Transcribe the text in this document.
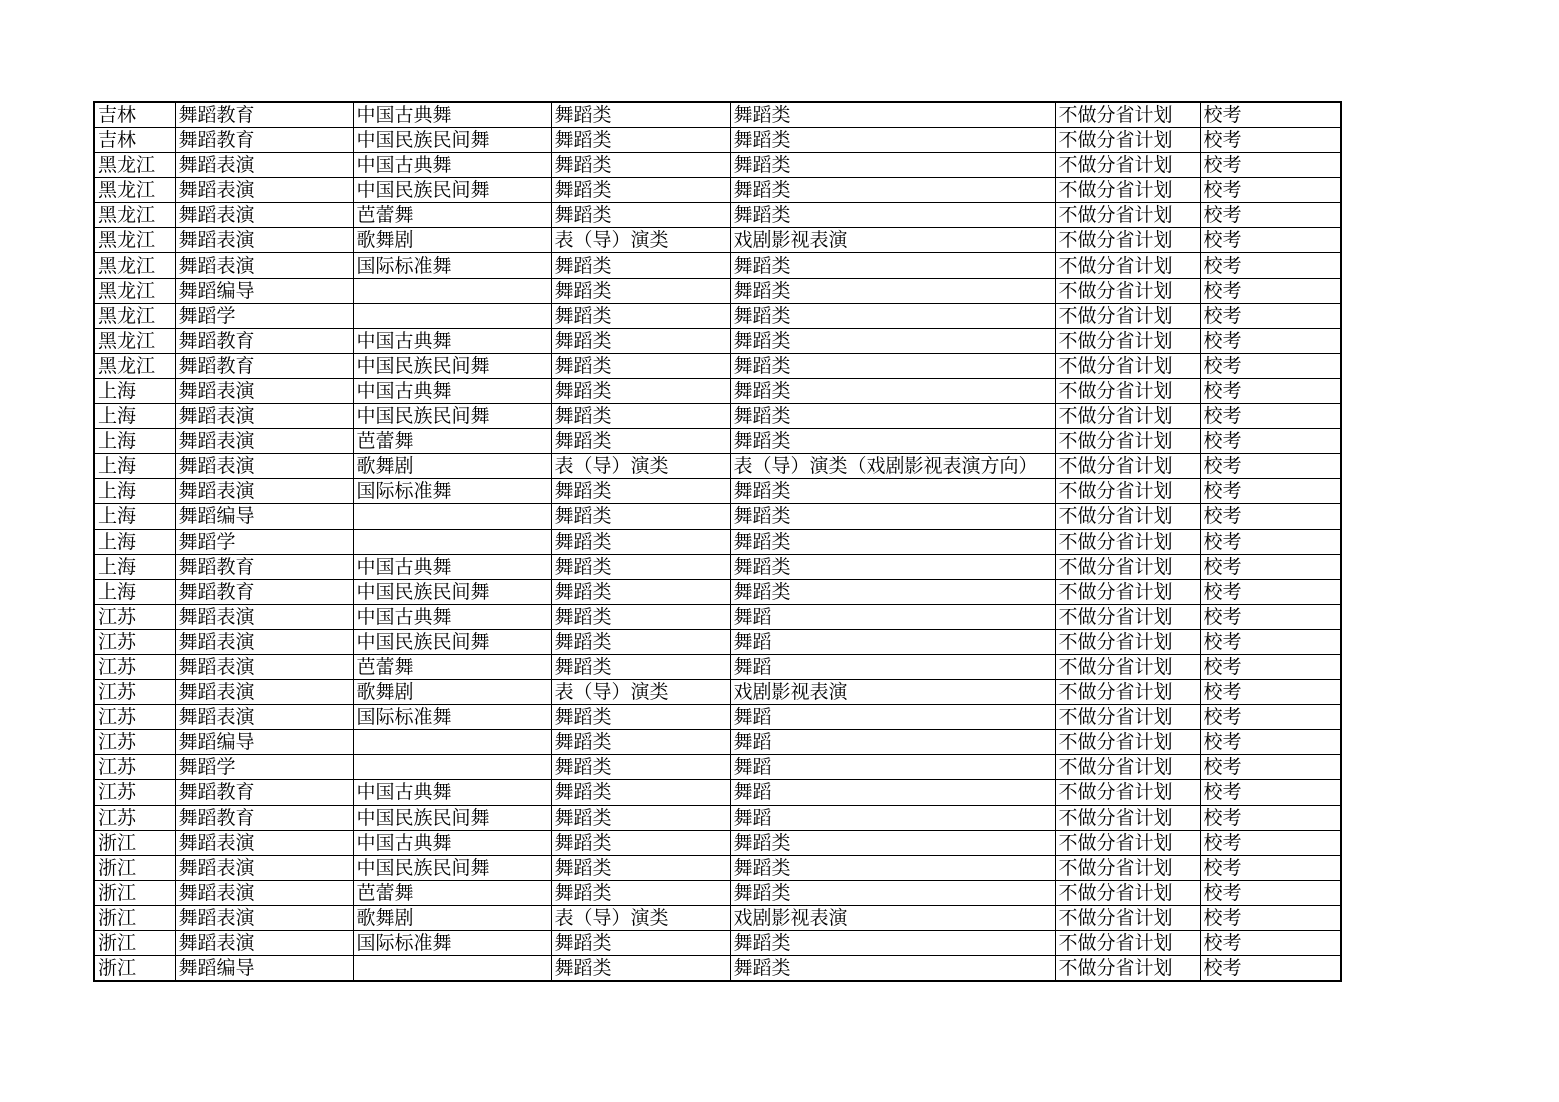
吉林	舞蹈教育	中国古典舞	舞蹈类	舞蹈类	不做分省计划	校考
吉林	舞蹈教育	中国民族民间舞	舞蹈类	舞蹈类	不做分省计划	校考
黑龙江	舞蹈表演	中国古典舞	舞蹈类	舞蹈类	不做分省计划	校考
黑龙江	舞蹈表演	中国民族民间舞	舞蹈类	舞蹈类	不做分省计划	校考
黑龙江	舞蹈表演	芭蕾舞	舞蹈类	舞蹈类	不做分省计划	校考
黑龙江	舞蹈表演	歌舞剧	表（导）演类	戏剧影视表演	不做分省计划	校考
黑龙江	舞蹈表演	国际标准舞	舞蹈类	舞蹈类	不做分省计划	校考
黑龙江	舞蹈编导		舞蹈类	舞蹈类	不做分省计划	校考
黑龙江	舞蹈学		舞蹈类	舞蹈类	不做分省计划	校考
黑龙江	舞蹈教育	中国古典舞	舞蹈类	舞蹈类	不做分省计划	校考
黑龙江	舞蹈教育	中国民族民间舞	舞蹈类	舞蹈类	不做分省计划	校考
上海	舞蹈表演	中国古典舞	舞蹈类	舞蹈类	不做分省计划	校考
上海	舞蹈表演	中国民族民间舞	舞蹈类	舞蹈类	不做分省计划	校考
上海	舞蹈表演	芭蕾舞	舞蹈类	舞蹈类	不做分省计划	校考
上海	舞蹈表演	歌舞剧	表（导）演类	表（导）演类（戏剧影视表演方向）	不做分省计划	校考
上海	舞蹈表演	国际标准舞	舞蹈类	舞蹈类	不做分省计划	校考
上海	舞蹈编导		舞蹈类	舞蹈类	不做分省计划	校考
上海	舞蹈学		舞蹈类	舞蹈类	不做分省计划	校考
上海	舞蹈教育	中国古典舞	舞蹈类	舞蹈类	不做分省计划	校考
上海	舞蹈教育	中国民族民间舞	舞蹈类	舞蹈类	不做分省计划	校考
江苏	舞蹈表演	中国古典舞	舞蹈类	舞蹈	不做分省计划	校考
江苏	舞蹈表演	中国民族民间舞	舞蹈类	舞蹈	不做分省计划	校考
江苏	舞蹈表演	芭蕾舞	舞蹈类	舞蹈	不做分省计划	校考
江苏	舞蹈表演	歌舞剧	表（导）演类	戏剧影视表演	不做分省计划	校考
江苏	舞蹈表演	国际标准舞	舞蹈类	舞蹈	不做分省计划	校考
江苏	舞蹈编导		舞蹈类	舞蹈	不做分省计划	校考
江苏	舞蹈学		舞蹈类	舞蹈	不做分省计划	校考
江苏	舞蹈教育	中国古典舞	舞蹈类	舞蹈	不做分省计划	校考
江苏	舞蹈教育	中国民族民间舞	舞蹈类	舞蹈	不做分省计划	校考
浙江	舞蹈表演	中国古典舞	舞蹈类	舞蹈类	不做分省计划	校考
浙江	舞蹈表演	中国民族民间舞	舞蹈类	舞蹈类	不做分省计划	校考
浙江	舞蹈表演	芭蕾舞	舞蹈类	舞蹈类	不做分省计划	校考
浙江	舞蹈表演	歌舞剧	表（导）演类	戏剧影视表演	不做分省计划	校考
浙江	舞蹈表演	国际标准舞	舞蹈类	舞蹈类	不做分省计划	校考
浙江	舞蹈编导		舞蹈类	舞蹈类	不做分省计划	校考
